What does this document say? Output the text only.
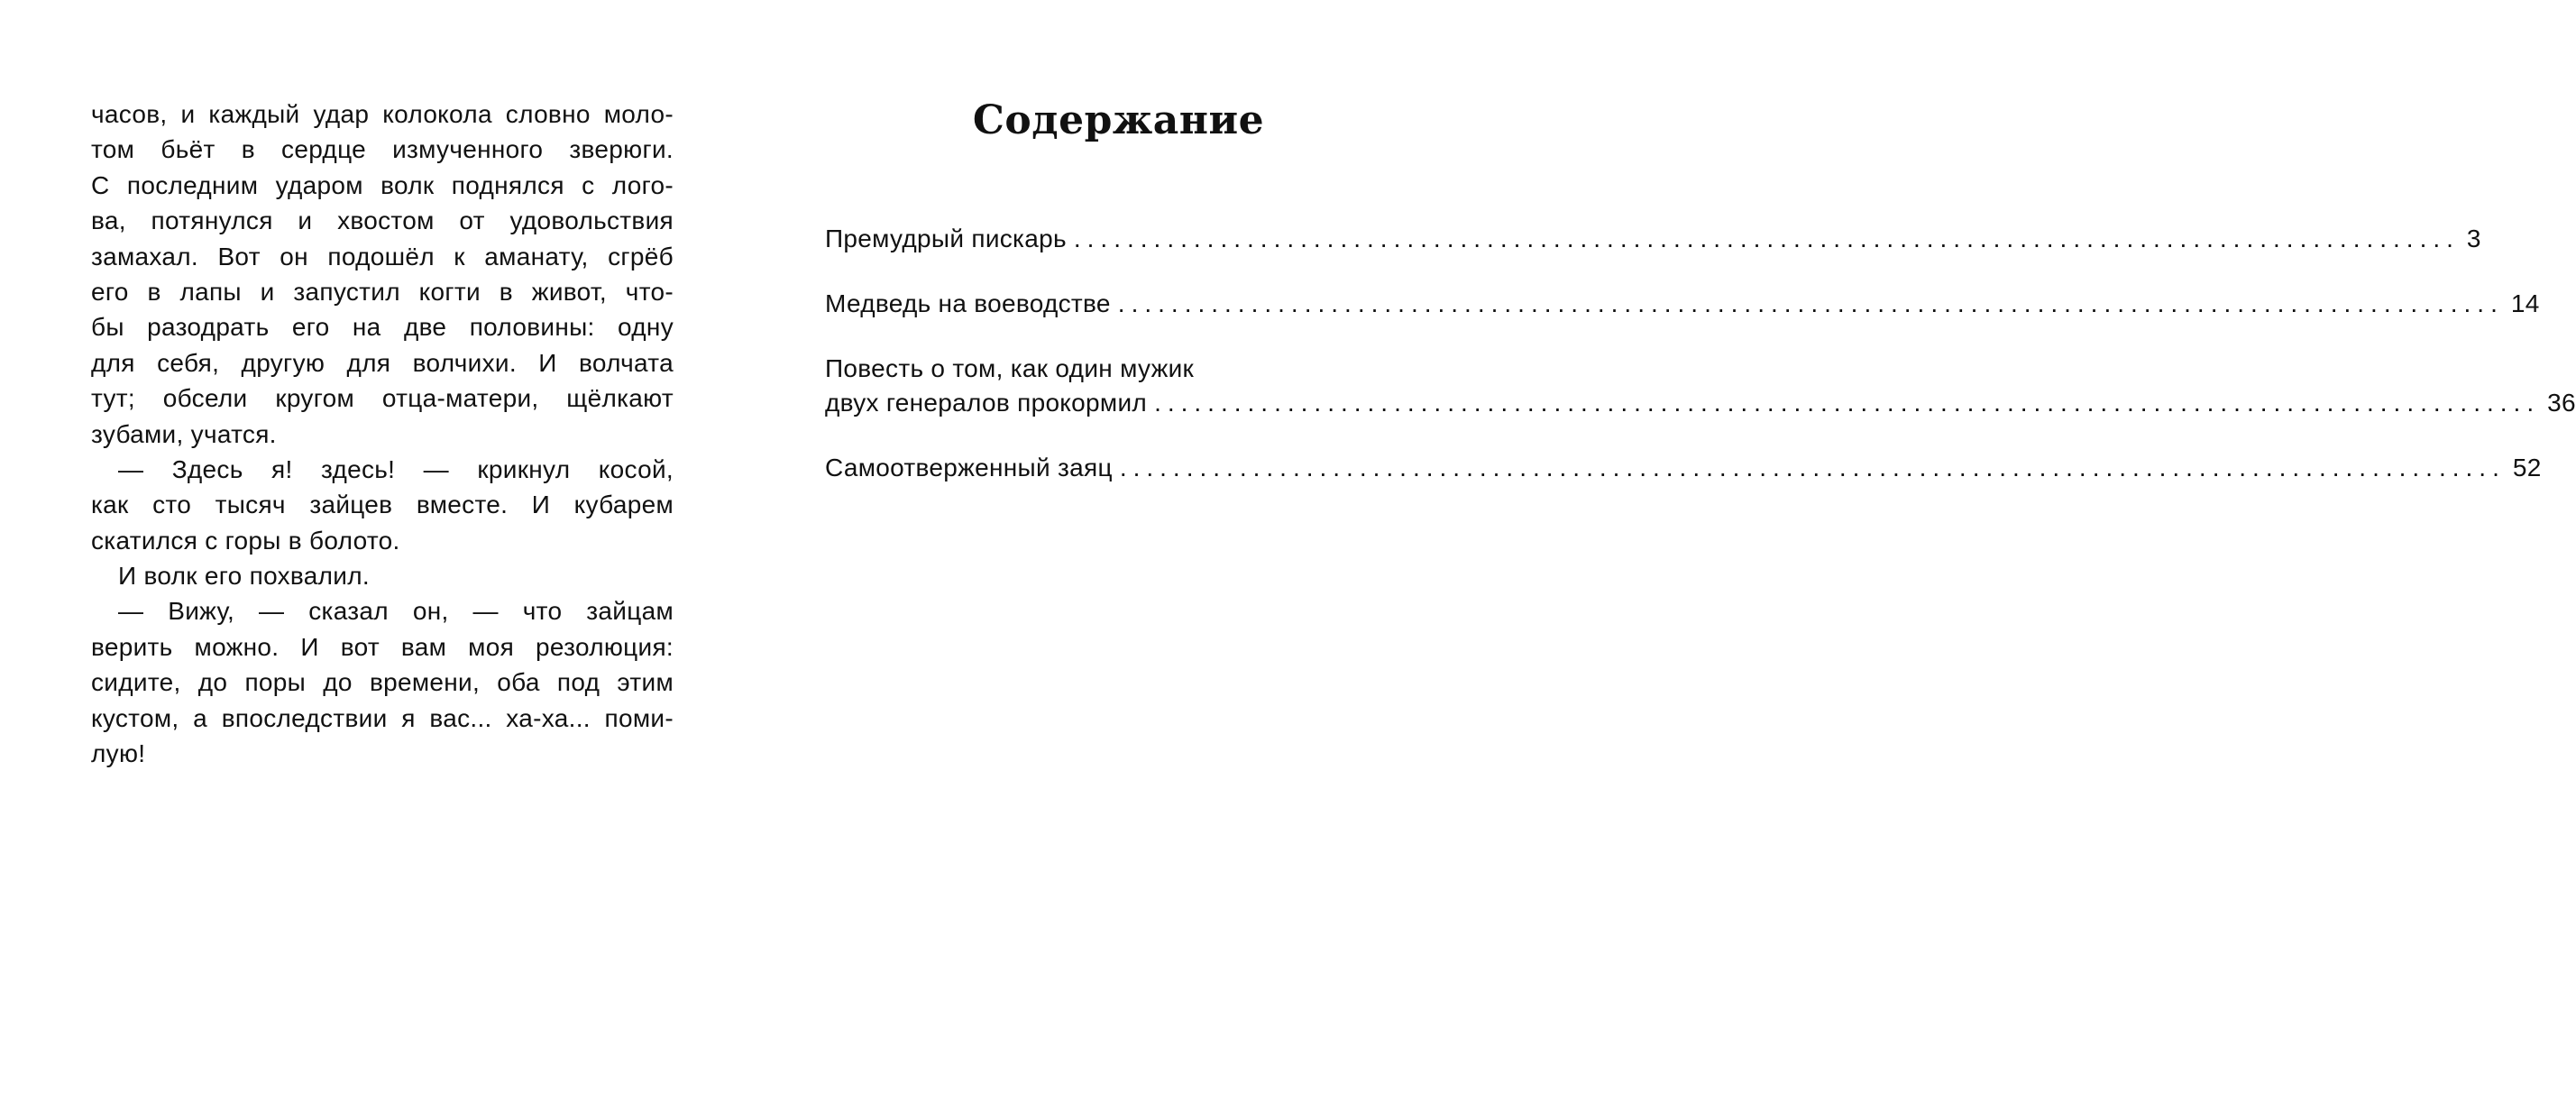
часов, и каждый удар колокола словно моло-
том бьёт в сердце измученного зверюги.
С последним ударом волк поднялся с лого-
ва, потянулся и хвостом от удовольствия
замахал. Вот он подошёл к аманату, сгрёб
его в лапы и запустил когти в живот, что-
бы разодрать его на две половины: одну
для себя, другую для волчихи. И волчата
тут; обсели кругом отца-матери, щёлкают
зубами, учатся.
— Здесь я! здесь! — крикнул косой,
как сто тысяч зайцев вместе. И кубарем
скатился с горы в болото.
И волк его похвалил.
— Вижу, — сказал он, — что зайцам
верить можно. И вот вам моя резолюция:
сидите, до поры до времени, оба под этим
кустом, а впоследствии я вас... ха-ха... поми-
лую!
Содержание
Премудрый пискарь ........................................................................................................ 3
Медведь на воеводстве ........................................................................................................ 14
Повесть о том, как один мужик
двух генералов прокормил ........................................................................................................ 36
Самоотверженный заяц ........................................................................................................ 52
